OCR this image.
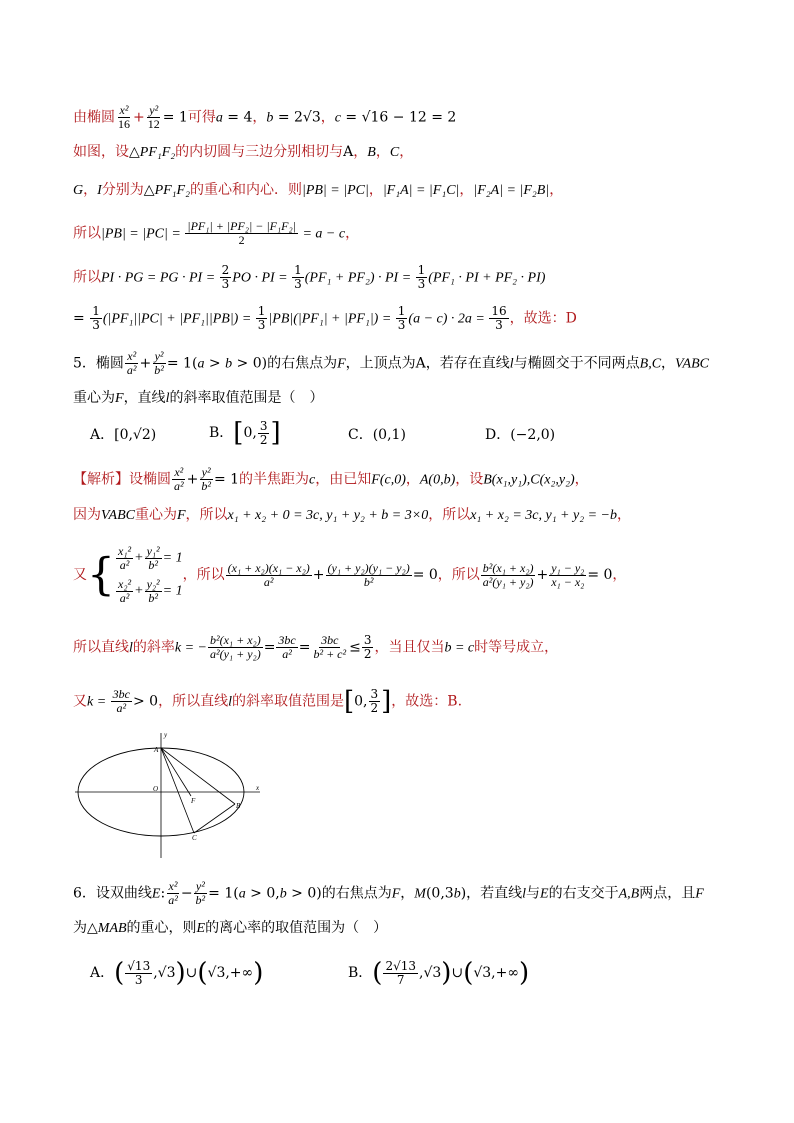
由椭圆 $\frac{\text{x²}}{16} + \frac{\text{y²}}{12} = 1$可得a = 4，b = 2√3，c = √16 − 12 = 2
如图，设△PF₁F₂的内切圆与三边分别相切与A，B，C，
G，I分别为△PF₁F₂的重心和内心．则|PB| = |PC|，|F₁A| = |F₁C|，|F₂A| = |F₂B|，
所以$|PB| = |PC| = \frac{\text{|PF₁| + |PF₂| − |F₁F₂|}}{2} = a - c$，
所以PI · PG = PG · PI = $\frac{2}{3}$ PO · PI = $\frac{1}{3} (PF_1 + PF_2)$ · PI = $\frac{1}{3} (PF_1$ · PI + PF₂ · PI)
= $\frac{1}{3} (|PF_1||PC| + |PF_1||PB|) = \frac{1}{3} |PB|(|PF_1| + |PF_1|) = \frac{1}{3} (a - c) \cdot 2a = \frac{16}{3}$ ，故选：D
5．椭圆 $\frac{\text{x²}}{\text{a²}} + \frac{\text{y²}}{\text{b²}} = 1(a > b > 0)$的右焦点为F，上顶点为A，若存在直线l与椭圆交于不同两点B,C，VABC
重心为F，直线l的斜率取值范围是（　）
A．[0,√2)	B．[0, $\frac{3}{2}$ ]	C．(0,1)	D．(−2,0)
【解析】设椭圆 $\frac{\text{x²}}{\text{a²}} + \frac{\text{y²}}{\text{b²}} = 1$的半焦距为c，由已知F(c,0)，A(0,b)，设B(x₁,y₁),C(x₂,y₂)，
因为VABC重心为F，所以x₁ + x₂ + 0 = 3c, y₁ + y₂ + b = 3×0，所以x₁ + x₂ = 3c, y₁ + y₂ = −b，
又{ $\frac{\text{x₁²}}{\text{a²}} + \frac{\text{y₁²}}{\text{b²}} = 1$
$\frac{\text{x₂²}}{\text{a²}} + \frac{\text{y₂²}}{\text{b²}} = 1$
，所以 $\frac{\text{(x₁ + x₂)(x₁ − x₂)}}{\text{a²}} + \frac{\text{(y₁ + y₂)(y₁ − y₂)}}{\text{b²}} = 0$，所以 $\frac{\text{b²(x₁ + x₂)}}{\text{a²(y₁ + y₂)}} + \frac{\text{y₁ − y₂}}{\text{x₁ − x₂}} = 0$，
所以直线l的斜率k = − $\frac{\text{b²(x₁ + x₂)}}{\text{a²(y₁ + y₂)}} = \frac{3bc}{\text{a²}} = \frac{3bc}{\text{b² + c²}} \le \frac{3}{2}$ ，当且仅当b = c时等号成立，
又$k = \frac{3bc}{\text{a²}} > 0$，所以直线l的斜率取值范围是[0, $\frac{3}{2}$ ]，故选：B.
A
O
F
B
C
x
y
6．设双曲线E: $\frac{\text{x²}}{\text{a²}} - \frac{\text{y²}}{\text{b²}} = 1(a > 0,b > 0)$的右焦点为F，M(0,3b)，若直线l与E的右支交于A,B两点，且F
为△MAB的重心，则E的离心率的取值范围为（　）
A．( $\frac{√13}{3}$ ,√3)∪(√3,+∞)	B．( $\frac{2√13}{7}$ ,√3)∪(√3,+∞)
